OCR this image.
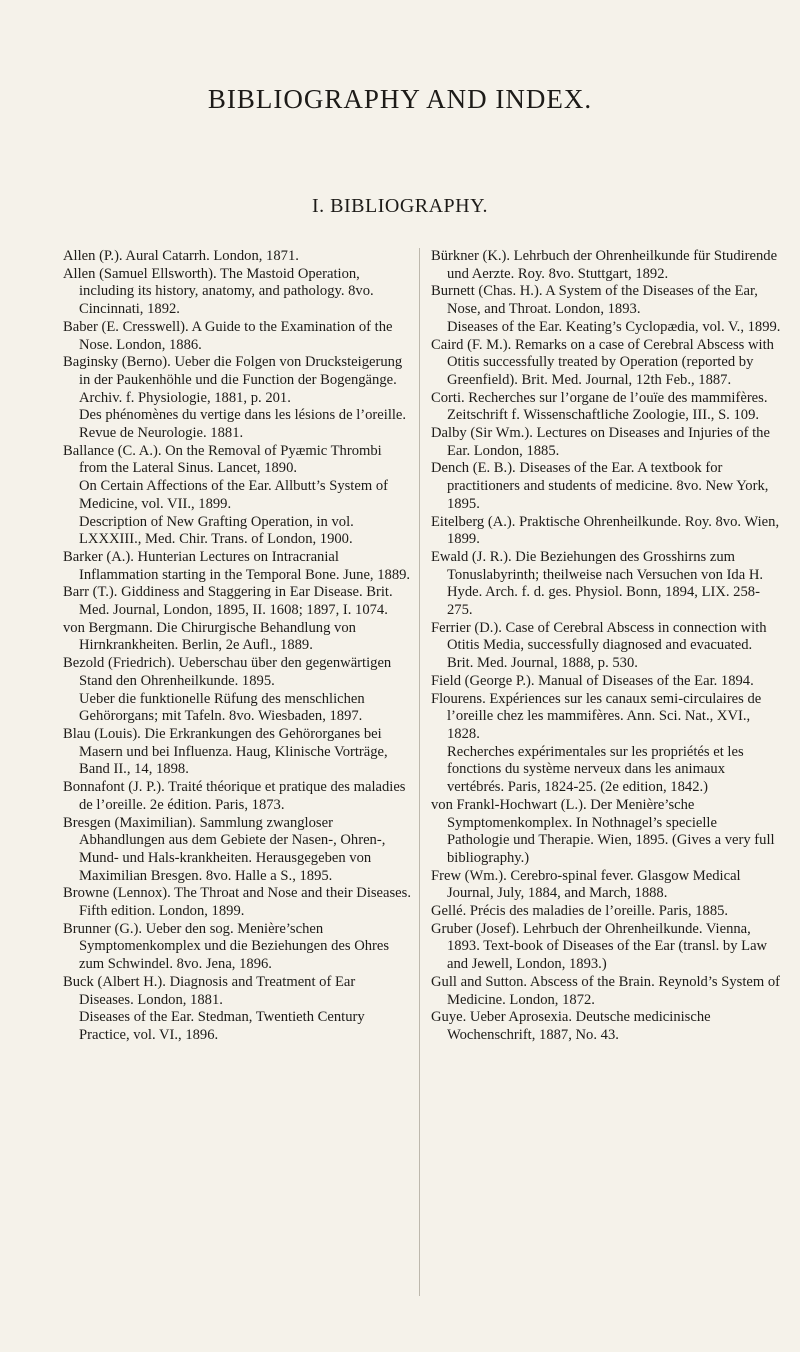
BIBLIOGRAPHY AND INDEX.
I. BIBLIOGRAPHY.

Allen (P.). Aural Catarrh. London, 1871.

Allen (Samuel Ellsworth). The Mastoid Operation, including its history, anatomy, and pathology. 8vo. Cincinnati, 1892.

Baber (E. Cresswell). A Guide to the Examination of the Nose. London, 1886.

Baginsky (Berno). Ueber die Folgen von Drucksteigerung in der Paukenhöhle und die Function der Bogengänge. Archiv. f. Physiologie, 1881, p. 201.

Des phénomènes du vertige dans les lésions de l’oreille. Revue de Neurologie. 1881.

Ballance (C. A.). On the Removal of Pyæmic Thrombi from the Lateral Sinus. Lancet, 1890.

On Certain Affections of the Ear. Allbutt’s System of Medicine, vol. VII., 1899.

Description of New Grafting Operation, in vol. LXXXIII., Med. Chir. Trans. of London, 1900.

Barker (A.). Hunterian Lectures on Intracranial Inflammation starting in the Temporal Bone. June, 1889.

Barr (T.). Giddiness and Staggering in Ear Disease. Brit. Med. Journal, London, 1895, II. 1608; 1897, I. 1074.

von Bergmann. Die Chirurgische Behandlung von Hirnkrankheiten. Berlin, 2e Aufl., 1889.

Bezold (Friedrich). Ueberschau über den gegenwärtigen Stand den Ohrenheilkunde. 1895.

Ueber die funktionelle Rüfung des menschlichen Gehörorgans; mit Tafeln. 8vo. Wiesbaden, 1897.

Blau (Louis). Die Erkrankungen des Gehörorganes bei Masern und bei Influenza. Haug, Klinische Vorträge, Band II., 14, 1898.

Bonnafont (J. P.). Traité théorique et pratique des maladies de l’oreille. 2e édition. Paris, 1873.

Bresgen (Maximilian). Sammlung zwangloser Abhandlungen aus dem Gebiete der Nasen-, Ohren-, Mund- und Hals-krankheiten. Herausgegeben von Maximilian Bresgen. 8vo. Halle a S., 1895.

Browne (Lennox). The Throat and Nose and their Diseases. Fifth edition. London, 1899.

Brunner (G.). Ueber den sog. Menière’schen Symptomenkomplex und die Beziehungen des Ohres zum Schwindel. 8vo. Jena, 1896.

Buck (Albert H.). Diagnosis and Treatment of Ear Diseases. London, 1881.

Diseases of the Ear. Stedman, Twentieth Century Practice, vol. VI., 1896.

Bürkner (K.). Lehrbuch der Ohrenheilkunde für Studirende und Aerzte. Roy. 8vo. Stuttgart, 1892.

Burnett (Chas. H.). A System of the Diseases of the Ear, Nose, and Throat. London, 1893.

Diseases of the Ear. Keating’s Cyclopædia, vol. V., 1899.

Caird (F. M.). Remarks on a case of Cerebral Abscess with Otitis successfully treated by Operation (reported by Greenfield). Brit. Med. Journal, 12th Feb., 1887.

Corti. Recherches sur l’organe de l’ouïe des mammifères. Zeitschrift f. Wissenschaftliche Zoologie, III., S. 109.

Dalby (Sir Wm.). Lectures on Diseases and Injuries of the Ear. London, 1885.

Dench (E. B.). Diseases of the Ear. A textbook for practitioners and students of medicine. 8vo. New York, 1895.

Eitelberg (A.). Praktische Ohrenheilkunde. Roy. 8vo. Wien, 1899.

Ewald (J. R.). Die Beziehungen des Grosshirns zum Tonuslabyrinth; theilweise nach Versuchen von Ida H. Hyde. Arch. f. d. ges. Physiol. Bonn, 1894, LIX. 258-275.

Ferrier (D.). Case of Cerebral Abscess in connection with Otitis Media, successfully diagnosed and evacuated. Brit. Med. Journal, 1888, p. 530.

Field (George P.). Manual of Diseases of the Ear. 1894.

Flourens. Expériences sur les canaux semi-circulaires de l’oreille chez les mammifères. Ann. Sci. Nat., XVI., 1828.

Recherches expérimentales sur les propriétés et les fonctions du système nerveux dans les animaux vertébrés. Paris, 1824-25. (2e edition, 1842.)

von Frankl-Hochwart (L.). Der Menière’sche Symptomenkomplex. In Nothnagel’s specielle Pathologie und Therapie. Wien, 1895. (Gives a very full bibliography.)

Frew (Wm.). Cerebro-spinal fever. Glasgow Medical Journal, July, 1884, and March, 1888.

Gellé. Précis des maladies de l’oreille. Paris, 1885.

Gruber (Josef). Lehrbuch der Ohrenheilkunde. Vienna, 1893. Text-book of Diseases of the Ear (transl. by Law and Jewell, London, 1893.)

Gull and Sutton. Abscess of the Brain. Reynold’s System of Medicine. London, 1872.

Guye. Ueber Aprosexia. Deutsche medicinische Wochenschrift, 1887, No. 43.
